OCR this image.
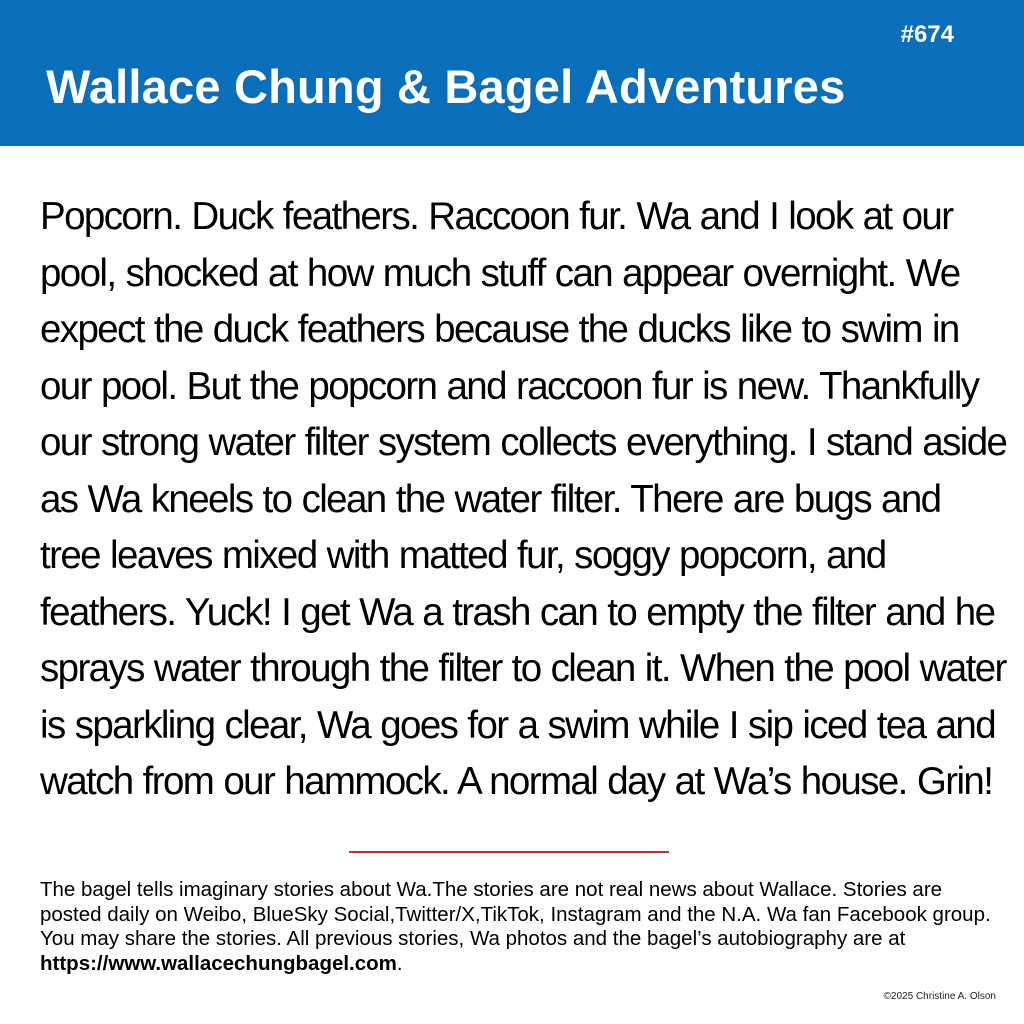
#674
Wallace Chung & Bagel Adventures

Popcorn. Duck feathers. Raccoon fur. Wa and I look at our pool, shocked at how much stuff can appear overnight. We expect the duck feathers because the ducks like to swim in our pool. But the popcorn and raccoon fur is new. Thankfully our strong water filter system collects everything. I stand aside as Wa kneels to clean the water filter. There are bugs and tree leaves mixed with matted fur, soggy popcorn, and feathers. Yuck! I get Wa a trash can to empty the filter and he sprays water through the filter to clean it. When the pool water is sparkling clear, Wa goes for a swim while I sip iced tea and watch from our hammock. A normal day at Wa’s house. Grin!

The bagel tells imaginary stories about Wa.The stories are not real news about Wallace. Stories are posted daily on Weibo, BlueSky Social,Twitter/X,TikTok, Instagram and the N.A. Wa fan Facebook group. You may share the stories. All previous stories, Wa photos and the bagel’s autobiography are at https://www.wallacechungbagel.com.

©2025 Christine A. Olson
